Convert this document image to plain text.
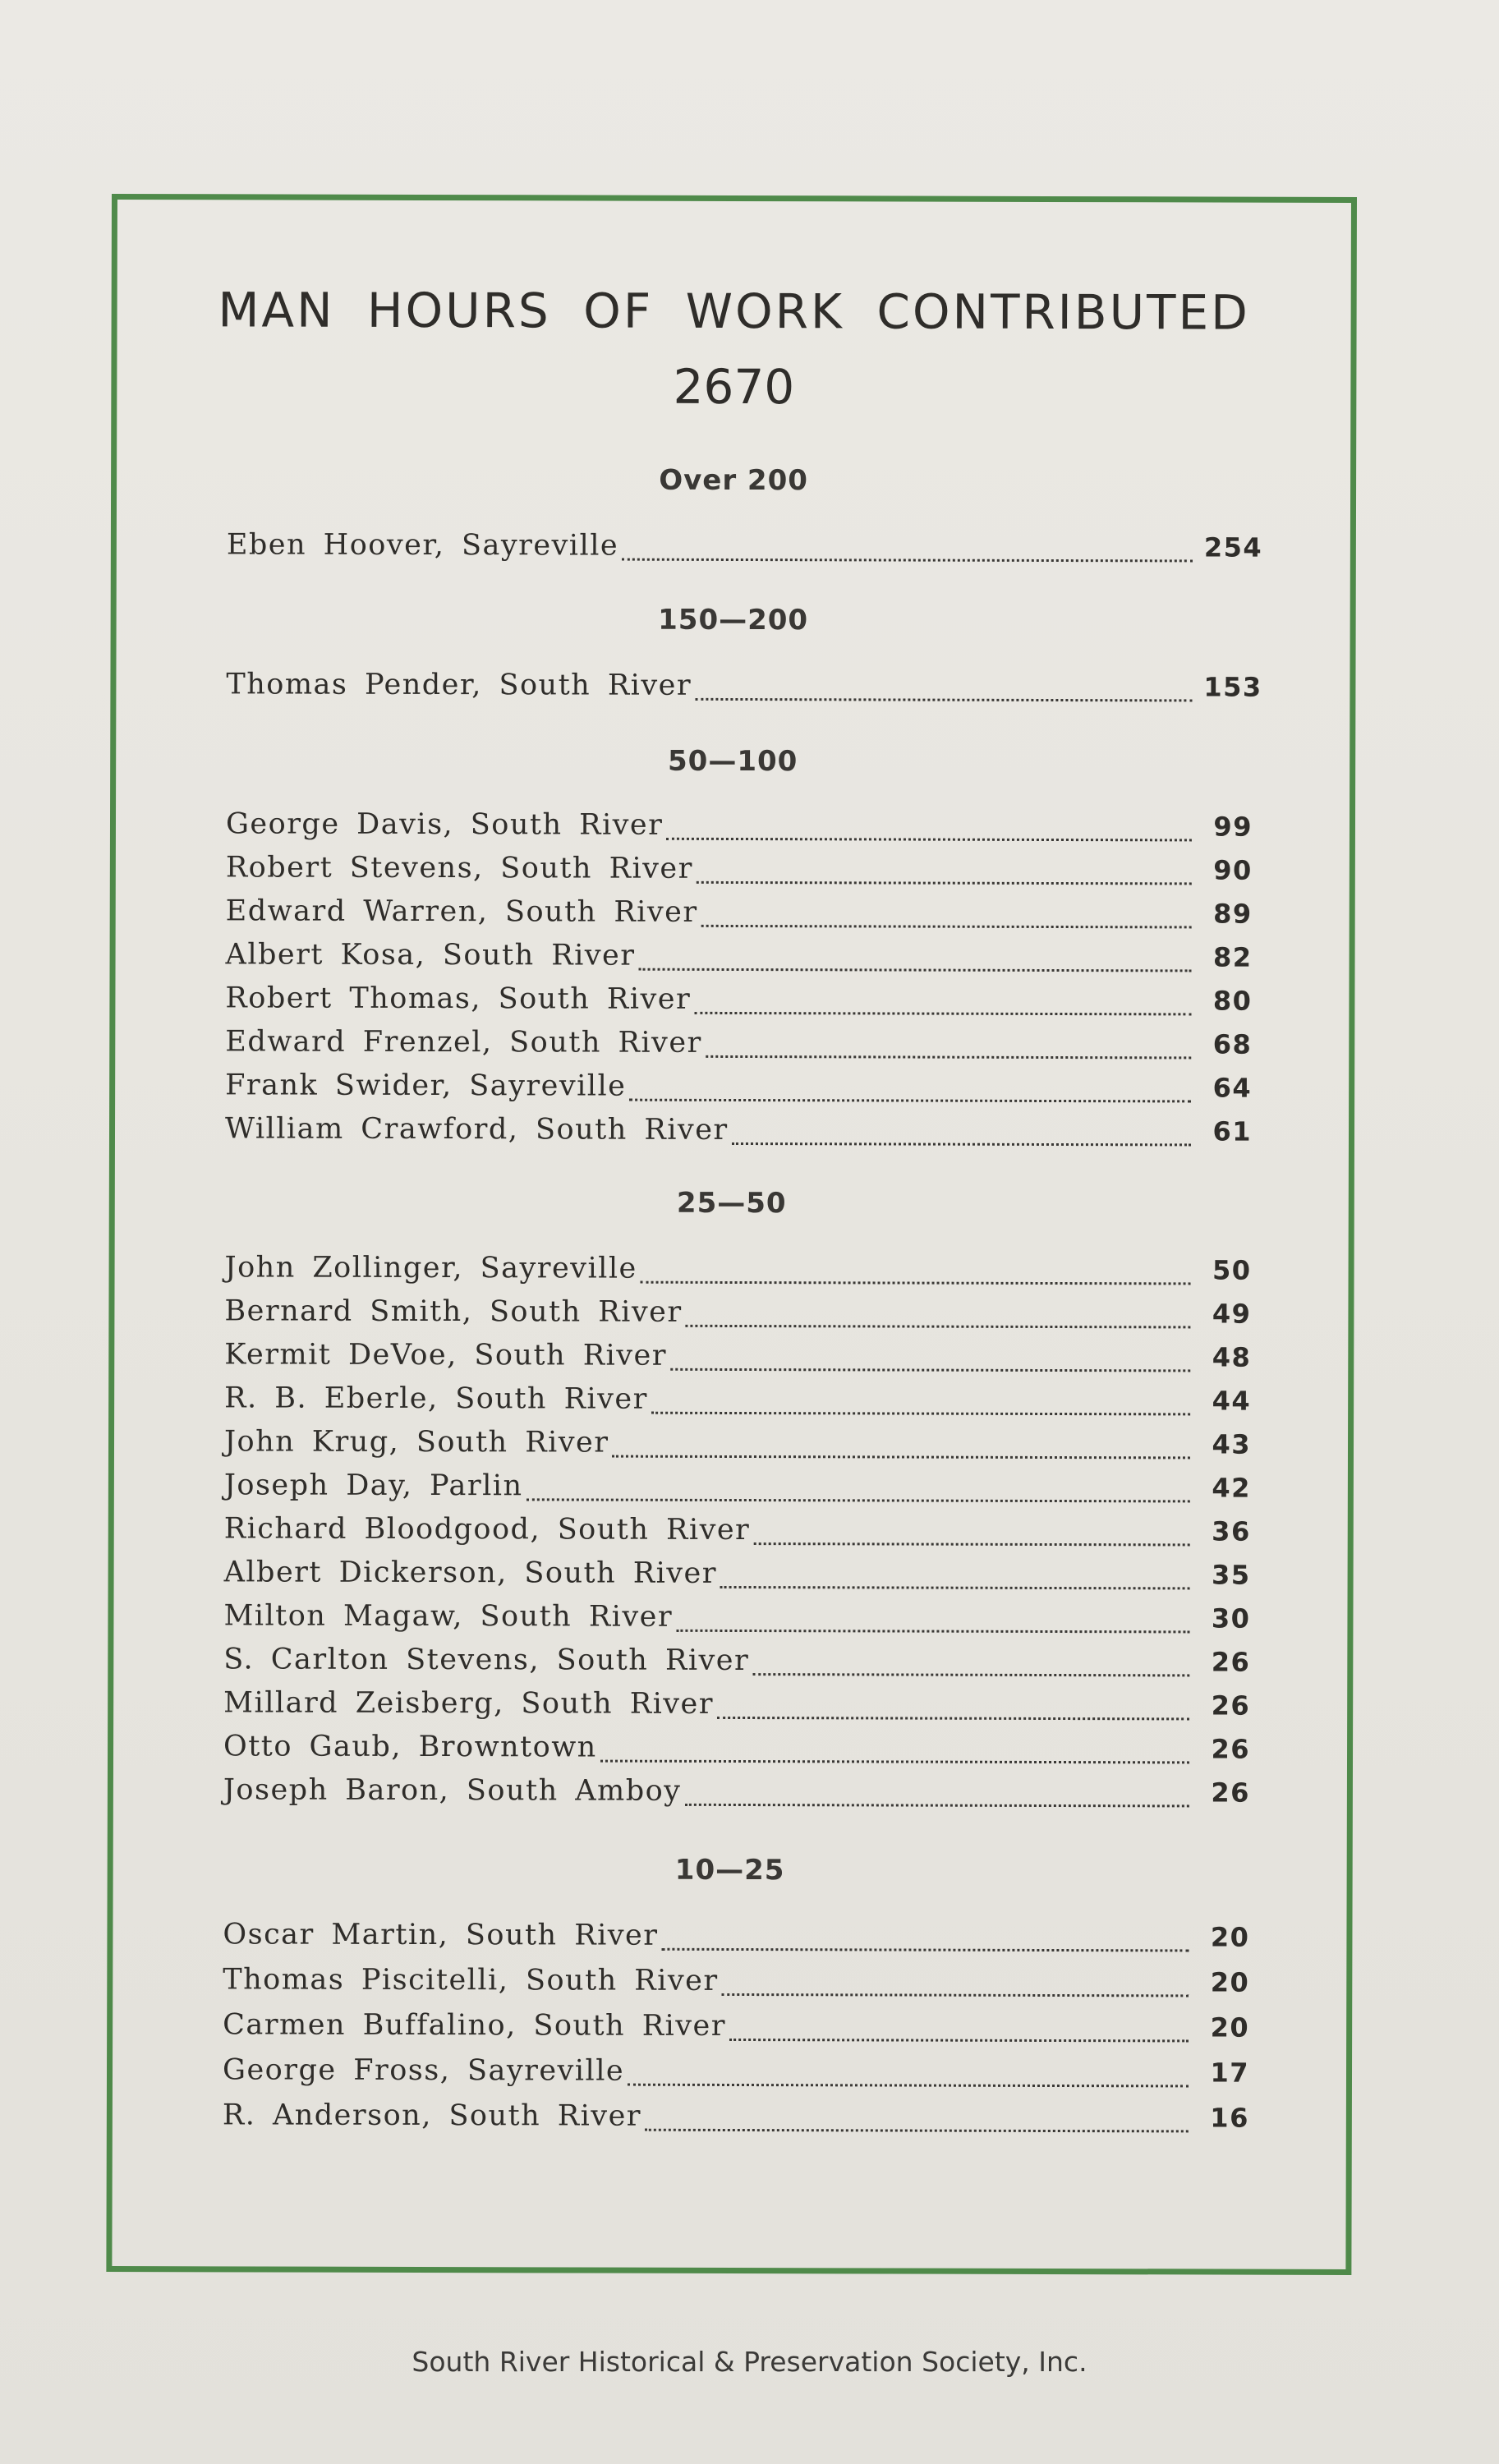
MAN HOURS OF WORK CONTRIBUTED
2670
Over 200
Eben Hoover, Sayreville	254
150—200
Thomas Pender, South River	153
50—100
George Davis, South River	99
Robert Stevens, South River	90
Edward Warren, South River	89
Albert Kosa, South River	82
Robert Thomas, South River	80
Edward Frenzel, South River	68
Frank Swider, Sayreville	64
William Crawford, South River	61
25—50
John Zollinger, Sayreville	50
Bernard Smith, South River	49
Kermit DeVoe, South River	48
R. B. Eberle, South River	44
John Krug, South River	43
Joseph Day, Parlin	42
Richard Bloodgood, South River	36
Albert Dickerson, South River	35
Milton Magaw, South River	30
S. Carlton Stevens, South River	26
Millard Zeisberg, South River	26
Otto Gaub, Browntown	26
Joseph Baron, South Amboy	26
10—25
Oscar Martin, South River	20
Thomas Piscitelli, South River	20
Carmen Buffalino, South River	20
George Fross, Sayreville	17
R. Anderson, South River	16
South River Historical & Preservation Society, Inc.
